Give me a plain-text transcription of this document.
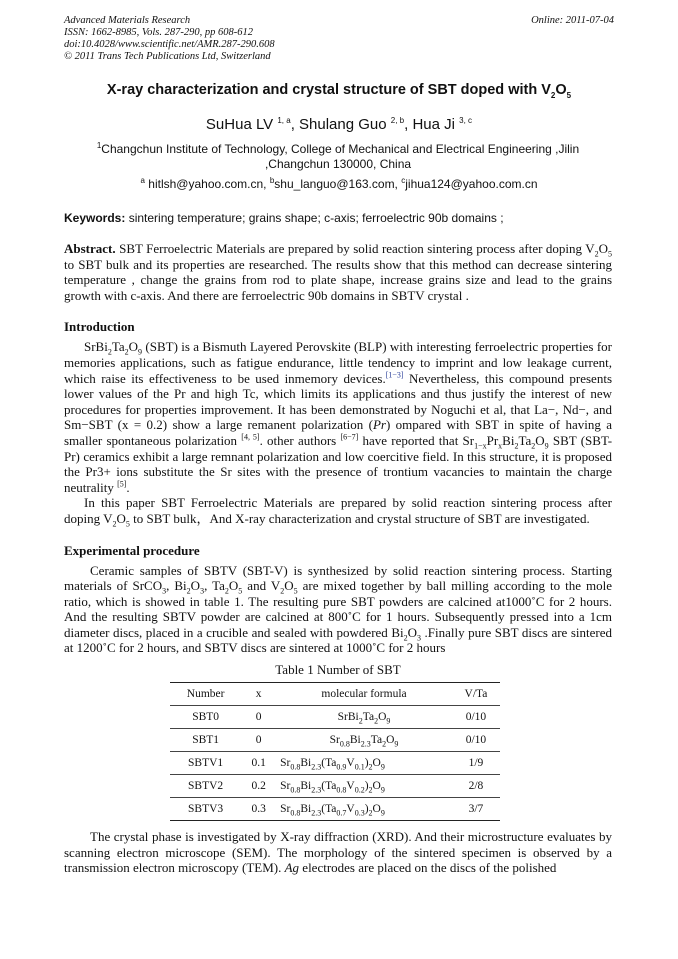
Advanced Materials Research
ISSN: 1662-8985, Vols. 287-290, pp 608-612
doi:10.4028/www.scientific.net/AMR.287-290.608
© 2011 Trans Tech Publications Ltd, Switzerland
Online: 2011-07-04
X-ray characterization and crystal structure of SBT doped with $V_2O_5$
SuHua LV $^{1, a}$, Shulang Guo $^{2, b}$, Hua Ji $^{3, c}$
$^1$Changchun Institute of Technology, College of Mechanical and Electrical Engineering ,Jilin ,Changchun 130000, China
$^a$ hitlsh@yahoo.com.cn, $^b$shu_languo@163.com, $^c$jihua124@yahoo.com.cn
Keywords: sintering temperature; grains shape; c-axis; ferroelectric 90b domains ;
Abstract. SBT Ferroelectric Materials are prepared by solid reaction sintering process after doping $V_2O_5$ to SBT bulk and its properties are researched. The results show that this method can decrease sintering temperature , change the grains from rod to plate shape, increase grains size and lead to the grains growth with c-axis. And there are ferroelectric 90b domains in SBTV crystal .
Introduction
$SrBi_2Ta_2O_9$ (SBT) is a Bismuth Layered Perovskite (BLP) with interesting ferroelectric properties for memories applications, such as fatigue endurance, little tendency to imprint and low leakage current, which raise its effectiveness to be used inmemory devices.[1−3] Nevertheless, this compound presents lower values of the Pr and high Tc, which limits its applications and thus justify the interest of new procedures for properties improvement. It has been demonstrated by Noguchi et al, that La−, Nd−, and Sm−SBT (x = 0.2) show a large remanent polarization (Pr) ompared with SBT in spite of having a smaller spontaneous polarization [4, 5]. other authors [6−7] have reported that $Sr_{1-x}Pr_xBi_2Ta_2O_9$ SBT (SBT-Pr) ceramics exhibit a large remnant polarization and low coercitive field. In this structure, it is proposed the Pr3+ ions substitute the Sr sites with the presence of trontium vacancies to maintain the charge neutrality [5].
In this paper SBT Ferroelectric Materials are prepared by solid reaction sintering process after doping $V_2O_5$ to SBT bulk，And X-ray characterization and crystal structure of SBT are investigated.
Experimental procedure
Ceramic samples of SBTV (SBT-V) is synthesized by solid reaction sintering process. Starting materials of SrCO$_3$, $Bi_2O_3$, $Ta_2O_5$ and $V_2O_5$ are mixed together by ball milling according to the mole ratio, which is showed in table 1. The resulting pure SBT powders are calcined at1000˚C for 2 hours. And the resulting SBTV powder are calcined at 800˚C for 1 hours. Subsequently pressed into a 1cm diameter discs, placed in a crucible and sealed with powdered $Bi_2O_3$ .Finally pure SBT discs are sintered at 1200˚C for 2 hours, and SBTV discs are sintered at 1000˚C for 2 hours
Table 1 Number of SBT
Number	x	molecular formula	V/Ta
SBT0	0	$SrBi_2Ta_2O_9$	0/10
SBT1	0	$Sr_{0.8}Bi_{2.3}Ta_2O_9$	0/10
SBTV1	0.1	$Sr_{0.8}Bi_{2.3}(Ta_{0.9}V_{0.1})_2O_9$	1/9
SBTV2	0.2	$Sr_{0.8}Bi_{2.3}(Ta_{0.8}V_{0.2})_2O_9$	2/8
SBTV3	0.3	$Sr_{0.8}Bi_{2.3}(Ta_{0.7}V_{0.3})_2O_9$	3/7
The crystal phase is investigated by X-ray diffraction (XRD). And their microstructure evaluates by scanning electron microscope (SEM). The morphology of the sintered specimen is observed by a transmission electron microscopy (TEM). Ag electrodes are placed on the discs of the polished
